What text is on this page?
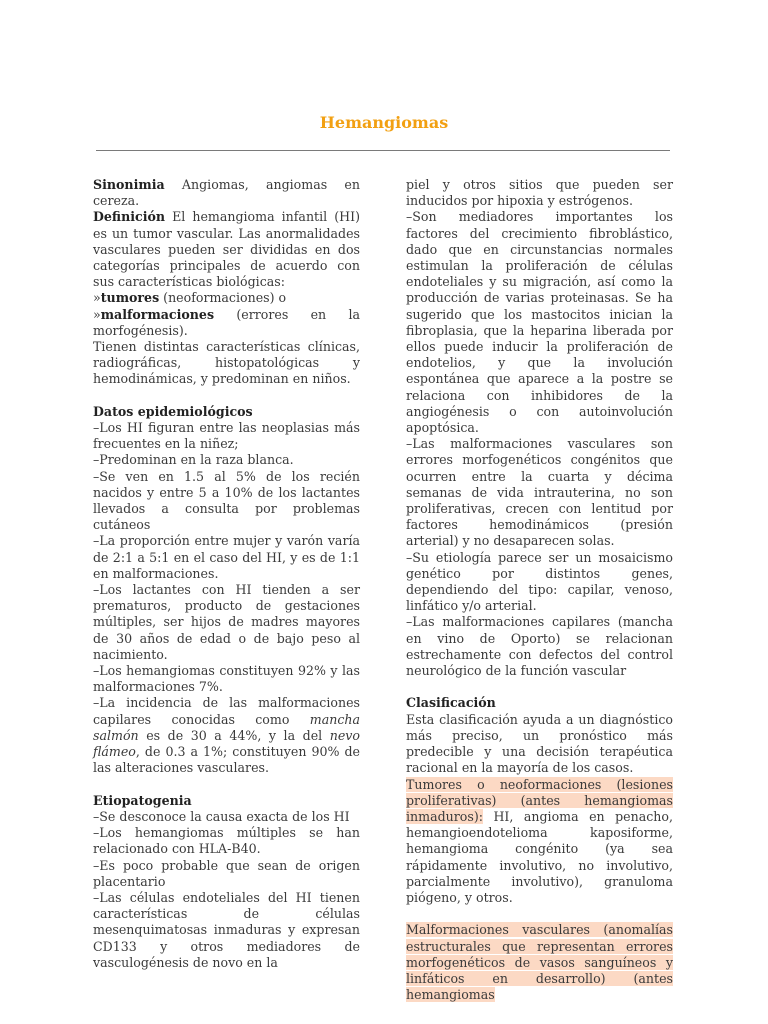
Hemangiomas

Sinonimia Angiomas, angiomas en cereza.

Definición El hemangioma infantil (HI) es un tumor vascular. Las anormalidades vasculares pueden ser divididas en dos categorías principales de acuerdo con sus características biológicas:

»tumores (neoformaciones) o

»malformaciones (errores en la morfogénesis).

Tienen distintas características clínicas, radiográficas, histopatológicas y hemodinámicas, y predominan en niños.

Datos epidemiológicos

–Los HI figuran entre las neoplasias más frecuentes en la niñez;

–Predominan en la raza blanca.

–Se ven en 1.5 al 5% de los recién nacidos y entre 5 a 10% de los lactantes llevados a consulta por problemas cutáneos

–La proporción entre mujer y varón varía de 2:1 a 5:1 en el caso del HI, y es de 1:1 en malformaciones.

–Los lactantes con HI tienden a ser prematuros, producto de gestaciones múltiples, ser hijos de madres mayores de 30 años de edad o de bajo peso al nacimiento.

–Los hemangiomas constituyen 92% y las malformaciones 7%.

–La incidencia de las malformaciones capilares conocidas como mancha salmón es de 30 a 44%, y la del nevo flámeo, de 0.3 a 1%; constituyen 90% de las alteraciones vasculares.

Etiopatogenia

–Se desconoce la causa exacta de los HI

–Los hemangiomas múltiples se han relacionado con HLA-B40.

–Es poco probable que sean de origen placentario

–Las células endoteliales del HI tienen características de células mesenquimatosas inmaduras y expresan CD133 y otros mediadores de vasculogénesis de novo en la

piel y otros sitios que pueden ser inducidos por hipoxia y estrógenos.

–Son mediadores importantes los factores del crecimiento fibroblástico, dado que en circunstancias normales estimulan la proliferación de células endoteliales y su migración, así como la producción de varias proteinasas. Se ha sugerido que los mastocitos inician la fibroplasia, que la heparina liberada por ellos puede inducir la proliferación de endotelios, y que la involución espontánea que aparece a la postre se relaciona con inhibidores de la angiogénesis o con autoinvolución apoptósica.

–Las malformaciones vasculares son errores morfogenéticos congénitos que ocurren entre la cuarta y décima semanas de vida intrauterina, no son proliferativas, crecen con lentitud por factores hemodinámicos (presión arterial) y no desaparecen solas.

–Su etiología parece ser un mosaicismo genético por distintos genes, dependiendo del tipo: capilar, venoso, linfático y/o arterial.

–Las malformaciones capilares (mancha en vino de Oporto) se relacionan estrechamente con defectos del control neurológico de la función vascular

Clasificación

Esta clasificación ayuda a un diagnóstico más preciso, un pronóstico más predecible y una decisión terapéutica racional en la mayoría de los casos.

Tumores o neoformaciones (lesiones proliferativas) (antes hemangiomas inmaduros): HI, angioma en penacho, hemangioendotelioma kaposiforme, hemangioma congénito (ya sea rápidamente involutivo, no involutivo, parcialmente involutivo), granuloma piógeno, y otros.

Malformaciones vasculares (anomalías estructurales que representan errores morfogenéticos de vasos sanguíneos y linfáticos en desarrollo) (antes hemangiomas
